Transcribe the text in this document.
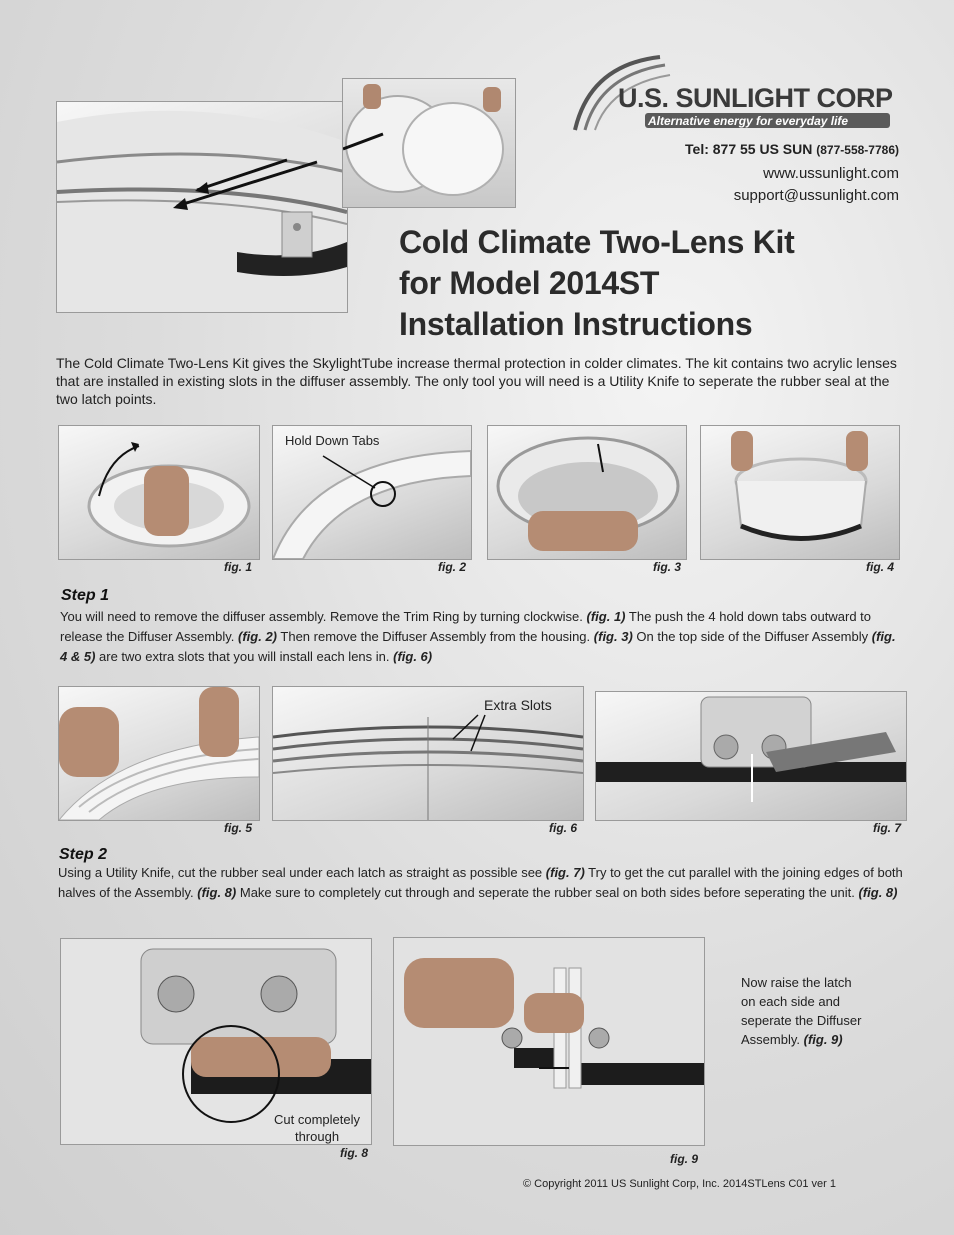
U.S. SUNLIGHT CORP
Alternative energy for everyday life
Tel: 877 55 US SUN (877-558-7786)
www.ussunlight.com
support@ussunlight.com
Cold Climate Two-Lens Kit
for Model 2014ST
Installation Instructions
The Cold Climate Two-Lens Kit gives the SkylightTube increase thermal protection in colder climates. The kit contains two acrylic lenses that are installed in existing slots in the diffuser assembly. The only tool you will need is a Utility Knife to seperate the rubber seal at the two latch points.
Hold Down Tabs
fig. 1	fig. 2	fig. 3	fig. 4
Step 1
You will need to remove the diffuser assembly. Remove the Trim Ring by turning clockwise. (fig. 1) The push the 4 hold down tabs outward to release the Diffuser Assembly. (fig. 2) Then remove the Diffuser Assembly from the housing. (fig. 3) On the top side of the Diffuser Assembly (fig. 4 & 5) are two extra slots that you will install each lens in. (fig. 6)
Extra Slots
fig. 5	fig. 6	fig. 7
Step 2
Using a Utility Knife, cut the rubber seal under each latch as straight as possible see (fig. 7) Try to get the cut parallel with the joining edges of both halves of the Assembly. (fig. 8) Make sure to completely cut through and seperate the rubber seal on both sides before seperating the unit. (fig. 8)
Cut completely
through
Now raise the latch
on each side and
seperate the Diffuser
Assembly. (fig. 9)
fig. 8	fig. 9
© Copyright 2011 US Sunlight Corp, Inc. 2014STLens C01 ver 1
